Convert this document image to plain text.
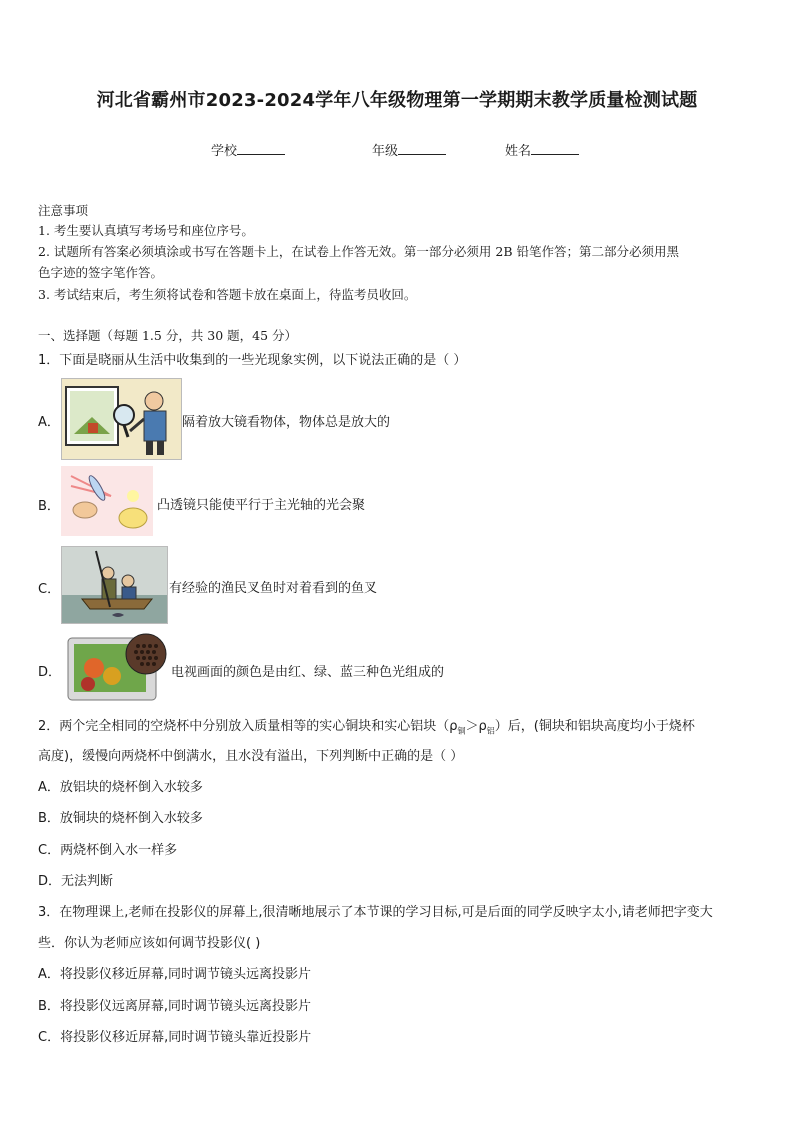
河北省霸州市2023-2024学年八年级物理第一学期期末教学质量检测试题
学校	年级	姓名
注意事项
1. 考生要认真填写考场号和座位序号。
2. 试题所有答案必须填涂或书写在答题卡上，在试卷上作答无效。第一部分必须用 2B 铅笔作答；第二部分必须用黑
色字迹的签字笔作答。
3. 考试结束后，考生须将试卷和答题卡放在桌面上，待监考员收回。
一、选择题（每题 1.5 分，共 30 题，45 分）
1．下面是晓丽从生活中收集到的一些光现象实例，以下说法正确的是（ ）
A．	隔着放大镜看物体，物体总是放大的
B．	凸透镜只能使平行于主光轴的光会聚
C．	有经验的渔民叉鱼时对着看到的鱼叉
D．	电视画面的颜色是由红、绿、蓝三种色光组成的
2．两个完全相同的空烧杯中分别放入质量相等的实心铜块和实心铝块$(\rho_铜>\rho_铝)$后，(铜块和铝块高度均小于烧杯
高度)，缓慢向两烧杯中倒满水，且水没有溢出，下列判断中正确的是（ ）
A．放铝块的烧杯倒入水较多
B．放铜块的烧杯倒入水较多
C．两烧杯倒入水一样多
D．无法判断
3．在物理课上,老师在投影仪的屏幕上,很清晰地展示了本节课的学习目标,可是后面的同学反映字太小,请老师把字变大
些．你认为老师应该如何调节投影仪( )
A．将投影仪移近屏幕,同时调节镜头远离投影片
B．将投影仪远离屏幕,同时调节镜头远离投影片
C．将投影仪移近屏幕,同时调节镜头靠近投影片
